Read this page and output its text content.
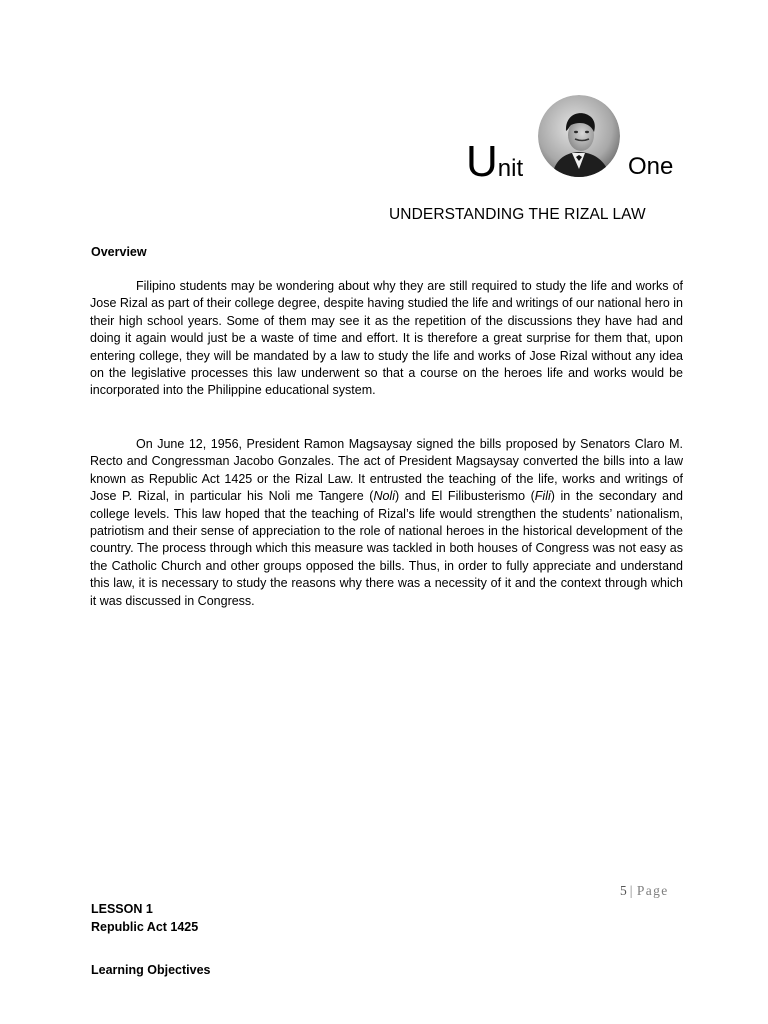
Unit	One
UNDERSTANDING THE RIZAL LAW
Overview

Filipino students may be wondering about why they are still required to study the life and works of Jose Rizal as part of their college degree, despite having studied the life and writings of our national hero in their high school years. Some of them may see it as the repetition of the discussions they have had and doing it again would just be a waste of time and effort. It is therefore a great surprise for them that, upon entering college, they will be mandated by a law to study the life and works of Jose Rizal without any idea on the legislative processes this law underwent so that a course on the heroes life and works would be incorporated into the Philippine educational system.

On June 12, 1956, President Ramon Magsaysay signed the bills proposed by Senators Claro M. Recto and Congressman Jacobo Gonzales. The act of President Magsaysay converted the bills into a law known as Republic Act 1425 or the Rizal Law. It entrusted the teaching of the life, works and writings of Jose P. Rizal, in particular his Noli me Tangere (Noli) and El Filibusterismo (Fili) in the secondary and college levels. This law hoped that the teaching of Rizal’s life would strengthen the students’ nationalism, patriotism and their sense of appreciation to the role of national heroes in the historical development of the country. The process through which this measure was tackled in both houses of Congress was not easy as the Catholic Church and other groups opposed the bills. Thus, in order to fully appreciate and understand this law, it is necessary to study the reasons why there was a necessity of it and the context through which it was discussed in Congress.

5 | Page
LESSON 1
Republic Act 1425
Learning Objectives
